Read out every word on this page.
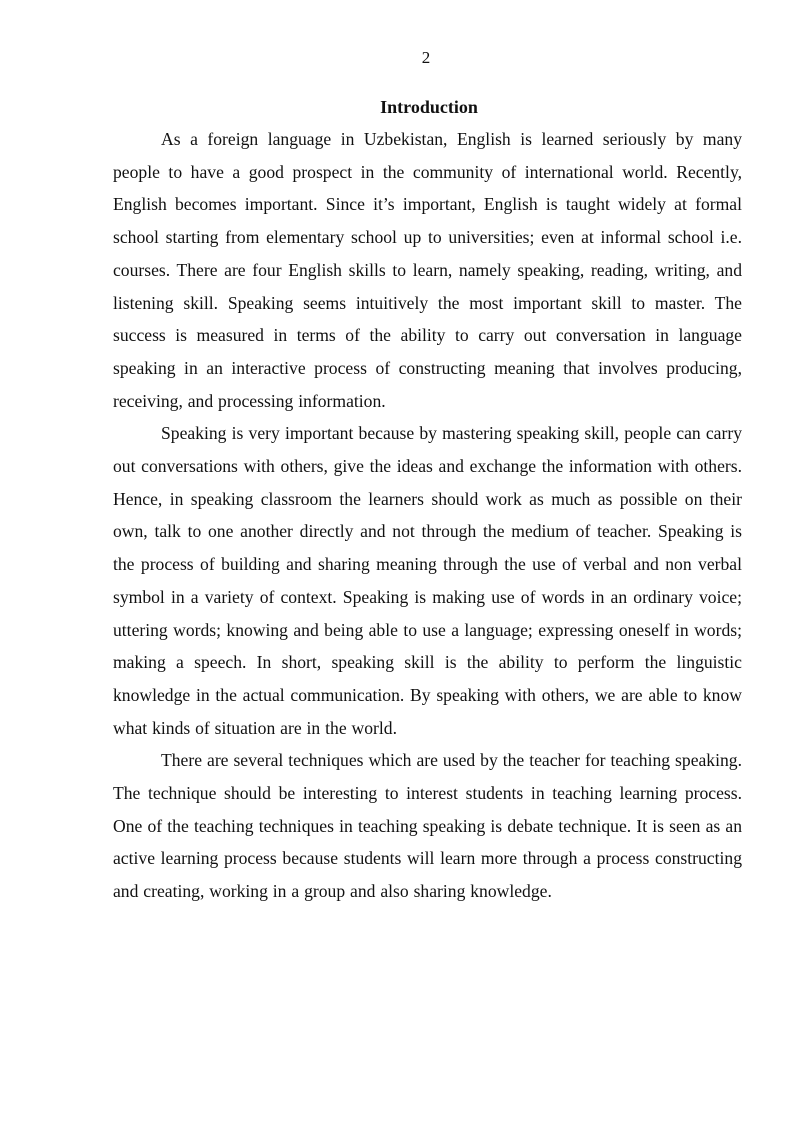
2
Introduction

As a foreign language in Uzbekistan, English is learned seriously by many people to have a good prospect in the community of international world. Recently, English becomes important. Since it’s important, English is taught widely at formal school starting from elementary school up to universities; even at informal school i.e. courses. There are four English skills to learn, namely speaking, reading, writing, and listening skill. Speaking seems intuitively the most important skill to master. The success is measured in terms of the ability to carry out conversation in language speaking in an interactive process of constructing meaning that involves producing, receiving, and processing information.

Speaking is very important because by mastering speaking skill, people can carry out conversations with others, give the ideas and exchange the information with others. Hence, in speaking classroom the learners should work as much as possible on their own, talk to one another directly and not through the medium of teacher. Speaking is the process of building and sharing meaning through the use of verbal and non verbal symbol in a variety of context. Speaking is making use of words in an ordinary voice; uttering words; knowing and being able to use a language; expressing oneself in words; making a speech. In short, speaking skill is the ability to perform the linguistic knowledge in the actual communication. By speaking with others, we are able to know what kinds of situation are in the world.

There are several techniques which are used by the teacher for teaching speaking. The technique should be interesting to interest students in teaching learning process. One of the teaching techniques in teaching speaking is debate technique. It is seen as an active learning process because students will learn more through a process constructing and creating, working in a group and also sharing knowledge.
